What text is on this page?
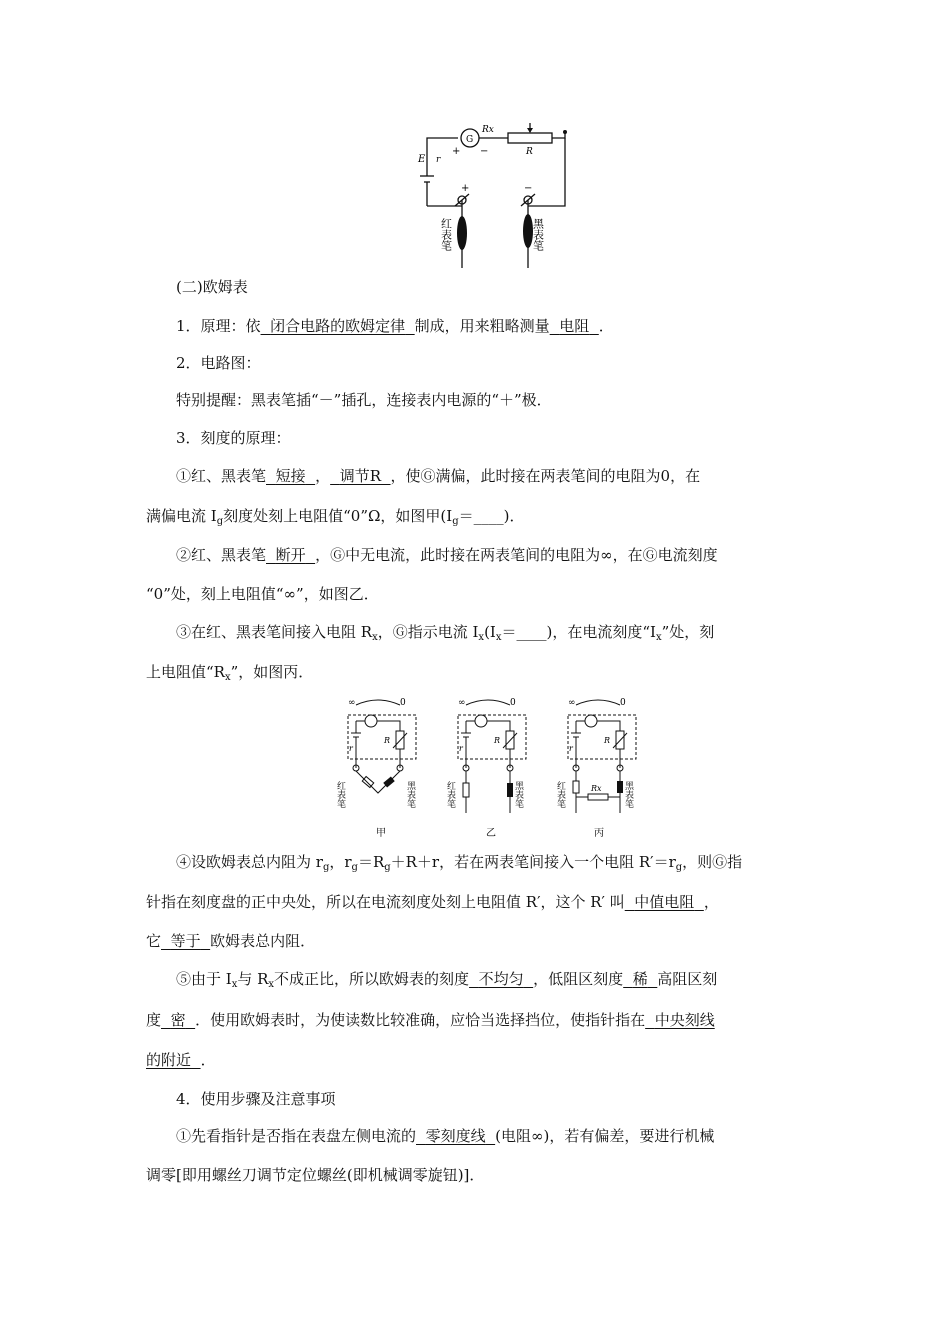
G
Rx
+ −	R
E r
+	−
红表笔	黑表笔
(二)欧姆表
1．原理：依 闭合电路的欧姆定律 制成，用来粗略测量 电阻 ．
2．电路图：
特别提醒：黑表笔插“－”插孔，连接表内电源的“＋”极．
3．刻度的原理：
①红、黑表笔 短接 ， 调节R ，使Ⓖ满偏，此时接在两表笔间的电阻为0，在
满偏电流 $I_g$刻度处刻上电阻值“0”Ω，如图甲$(I_g=\_\_\_\_)$．
②红、黑表笔 断开 ，Ⓖ中无电流，此时接在两表笔间的电阻为∞，在Ⓖ电流刻度
“0”处，刻上电阻值“∞”，如图乙．
③在红、黑表笔间接入电阻 $R_x$，Ⓖ指示电流 $I_x(I_x=\_\_\_\_)$，在电流刻度“$I_x$”处，刻
上电阻值“$R_x$”，如图丙．
∞	0
r
R
红表笔	黑表笔
甲
∞	0
r
R
红表笔	黑表笔
乙
∞	0
r
R
Rx
红表笔	黑表笔
丙
④设欧姆表总内阻为 $r_g$，$r_g=R_g+R+r$，若在两表笔间接入一个电阻 $R'=r_g$，则Ⓖ指
针指在刻度盘的正中央处，所以在电流刻度处刻上电阻值 R′，这个 R′ 叫 中值电阻 ，
它 等于 欧姆表总内阻．
⑤由于 $I_x$与 $R_x$不成正比，所以欧姆表的刻度 不均匀 ，低阻区刻度 稀 高阻区刻
度 密 ．使用欧姆表时，为使读数比较准确，应恰当选择挡位，使指针指在 中央刻线
的附近 ．
4．使用步骤及注意事项
①先看指针是否指在表盘左侧电流的 零刻度线 (电阻∞)，若有偏差，要进行机械
调零[即用螺丝刀调节定位螺丝(即机械调零旋钮)]．
